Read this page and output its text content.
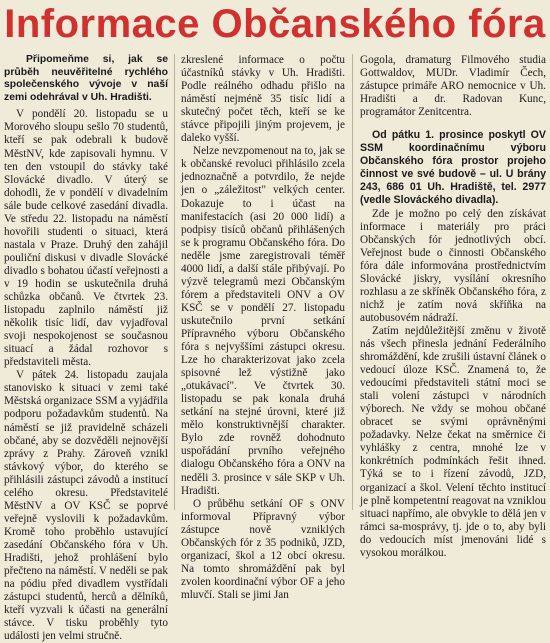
Informace Občanského fóra
Připomeňme si, jak se průběh neuvěřitelné rychlého společenského vývoje v naší zemi odehrával v Uh. Hradišti.

V pondělí 20. listopadu se u Morového sloupu sešlo 70 studentů, kteří se pak odebrali k budově MěstNV, kde zapisovali hymnu. V ten den vstoupil do stávky také Slovácké divadlo. V úterý se dohodli, že v pondělí v divadelním sále bude celkové zasedání divadla. Ve středu 22. listopadu na náměstí hovořili studenti o situaci, která nastala v Praze. Druhý den zahájil pouliční diskusi v divadle Slovácké divadlo s bohatou účastí veřejnosti a v 19 hodin se uskutečnila druhá schůzka občanů. Ve čtvrtek 23. listopadu zaplnilo náměstí již několik tisíc lidí, dav vyjadřoval svoji nespokojenost se současnou situací a žádal rozhovor s představiteli města.

V pátek 24. listopadu zaujala stanovisko k situaci v zemi také Městská organizace SSM a vyjádřila podporu požadavkům studentů. Na náměstí se již pravidelně scházeli občané, aby se dozvěděli nejnovější zprávy z Prahy. Zároveň vznikl stávkový výbor, do kterého se přihlásili zástupci závodů a institucí celého okresu. Představitelé MěstNV a OV KSČ se poprvé veřejně vyslovili k požadavkům. Kromě toho proběhlo ustavující zasedání Občanského fóra v Uh. Hradišti, jehož prohlášení bylo přečteno na náměstí. V neděli se pak na pódiu před divadlem vystřídali zástupci studentů, herců a dělníků, kteří vyzvali k účasti na generální stávce. V tisku proběhly tyto události jen velmi stručně.

zkreslené informace o počtu účastníků stávky v Uh. Hradišti. Podle reálného odhadu přišlo na náměstí nejméně 35 tisíc lidí a skutečný počet těch, kteří se ke stávce připojili jiným projevem, je daleko vyšší.

Nelze nevzpomenout na to, jak se k občanské revoluci přihlásilo zcela jednoznačně a potvrdilo, že nejde jen o „záležitost" velkých center. Dokazuje to i účast na manifestacích (asi 20 000 lidí) a podpisy tisíců občanů přihlášených se k programu Občanského fóra. Do neděle jsme zaregistrovali téměř 4000 lidí, a další stále přibývají. Po výzvě telegramů mezi Občanským fórem a představiteli ONV a OV KSČ se v pondělí 27. listopadu uskutečnilo první setkání Přípravného výboru Občanského fóra s nejvyššími zástupci okresu. Lze ho charakterizovat jako zcela spisovné lež výstižně jako „otukávací". Ve čtvrtek 30. listopadu se pak konala druhá setkání na stejné úrovni, které již mělo konstruktivnější charakter. Bylo zde rovněž dohodnuto uspořádání prvního veřejného dialogu Občanského fóra a ONV na neděli 3. prosince v sále SKP v Uh. Hradišti.

O průběhu setkání OF s ONV informoval Přípravný výbor zástupce nově vzniklých Občanských fór z 35 podniků, JZD, organizací, škol a 12 obcí okresu. Na tomto shromáždění pak byl zvolen koordinační výbor OF a jeho mluvčí. Stali se jimi Jan

Gogola, dramaturg Filmového studia Gottwaldov, MUDr. Vladimír Čech, zástupce primáře ARO nemocnice v Uh. Hradišti a dr. Radovan Kunc, programátor Zenitcentra.

Od pátku 1. prosince poskytl OV SSM koordinačnímu výboru Občanského fóra prostor projeho činnost ve své budově – ul. U brány 243, 686 01 Uh. Hradiště, tel. 2977 (vedle Slováckého divadla).

Zde je možno po celý den získávat informace i materiály pro práci Občanských fór jednotlivých obcí. Veřejnost bude o činnosti Občanského fóra dále informována prostřednictvím Slovácké jiskry, vysílání okresního rozhlasu a ze skříněk Občanského fóra, z nichž je zatím nová skříňka na autobusovém nádraží.

Zatím nejdůležitější změnu v životě nás všech přinesla jednání Federálního shromáždění, kde zrušili ústavní článek o vedoucí úloze KSČ. Znamená to, že vedoucími představiteli státní moci se stali volení zástupci v národních výborech. Ne vždy se mohou občané obracet se svými oprávněnými požadavky. Nelze čekat na směrnice či vyhlášky z centra, mnohé lze v konkrétních podmínkách řešit ihned. Týká se to i řízení závodů, JZD, organizací a škol. Velení těchto institucí je plně kompetentní reagovat na vzniklou situaci napřímo, ale obvykle to dělá jen v rámci sa-mosprávy, tj. jde o to, aby byli do vedoucích míst jmenováni lidé s vysokou morálkou.
